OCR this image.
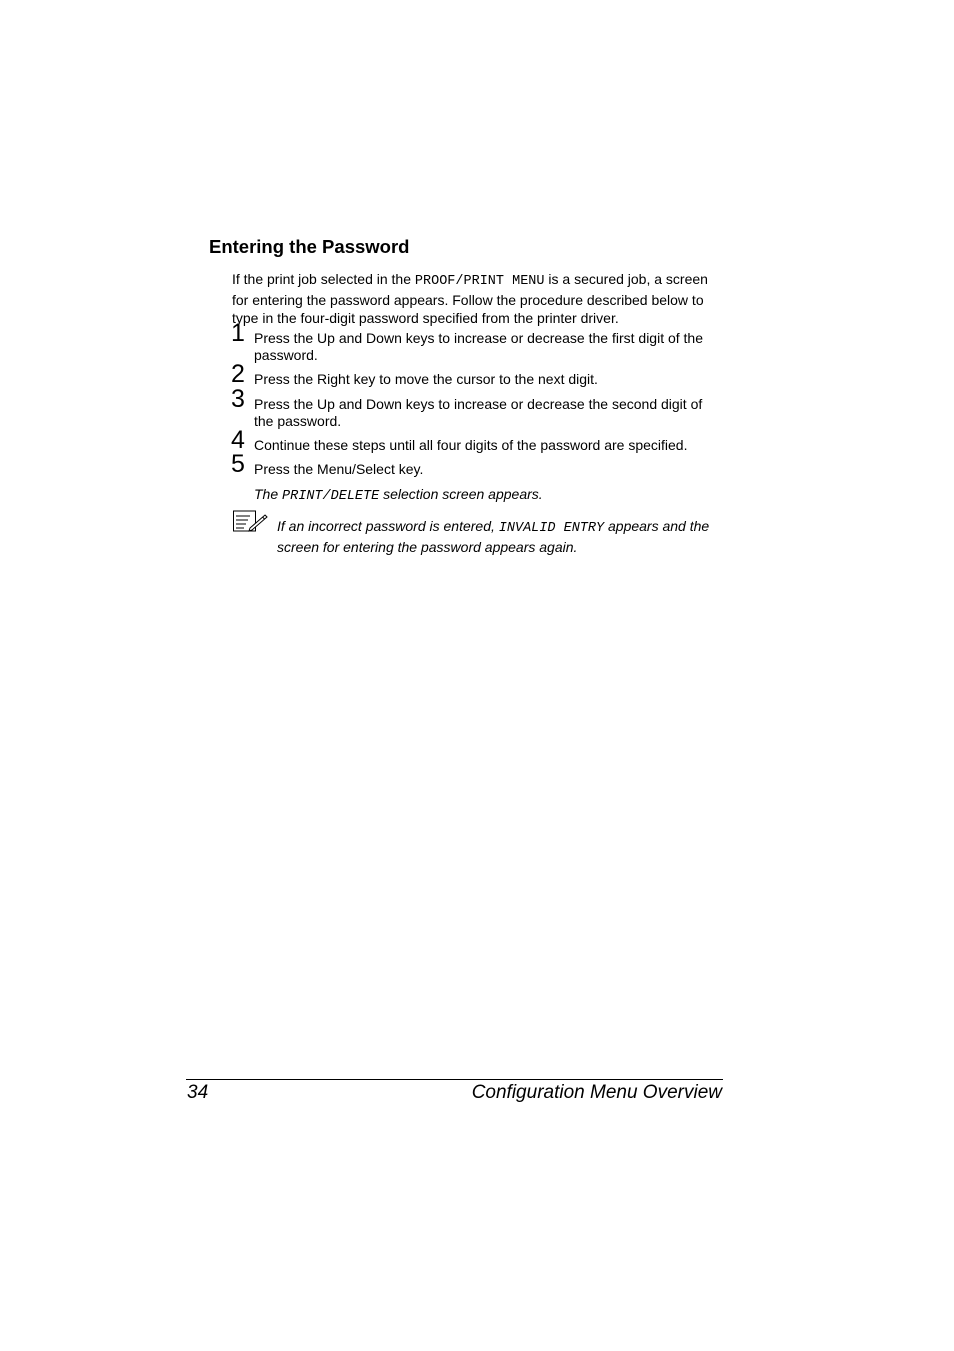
Entering the Password

If the print job selected in the PROOF/PRINT MENU is a secured job, a screen for entering the password appears. Follow the procedure described below to type in the four-digit password specified from the printer driver.

1 Press the Up and Down keys to increase or decrease the first digit of the password.
2 Press the Right key to move the cursor to the next digit.
3 Press the Up and Down keys to increase or decrease the second digit of the password.
4 Continue these steps until all four digits of the password are specified.
5 Press the Menu/Select key.
The PRINT/DELETE selection screen appears.
If an incorrect password is entered, INVALID ENTRY appears and the screen for entering the password appears again.
34	Configuration Menu Overview
